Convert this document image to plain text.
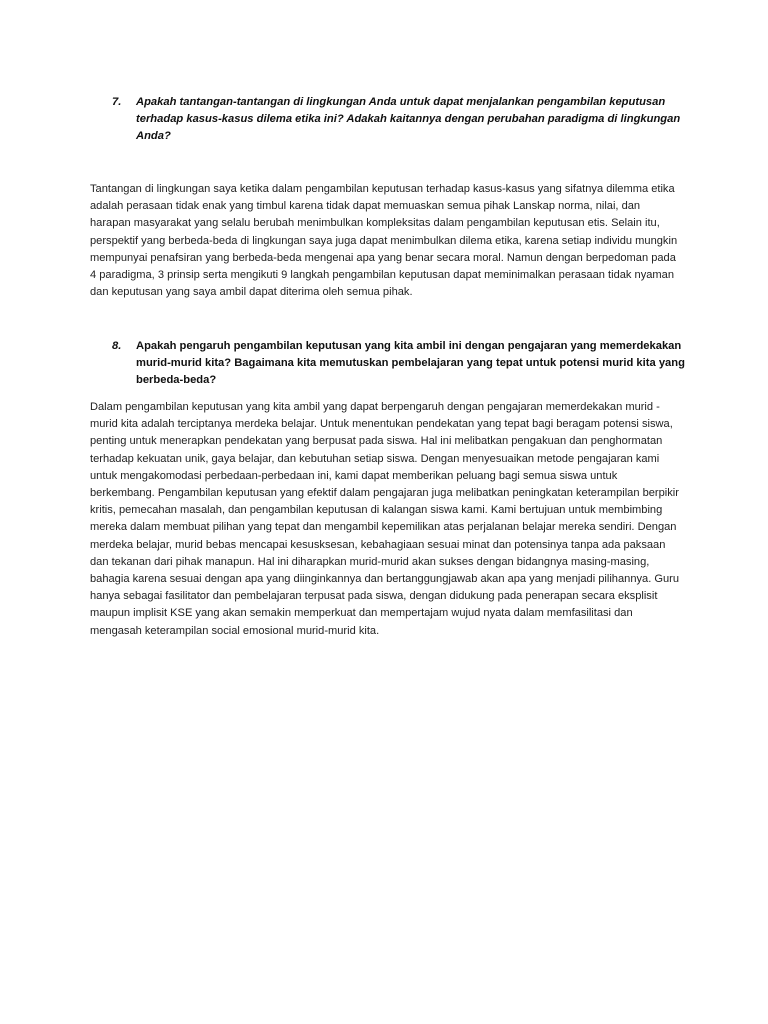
7.	Apakah tantangan-tantangan di lingkungan Anda untuk dapat menjalankan pengambilan keputusan terhadap kasus-kasus dilema etika ini? Adakah kaitannya dengan perubahan paradigma di lingkungan Anda?

Tantangan di lingkungan saya ketika dalam pengambilan keputusan terhadap kasus-kasus yang sifatnya dilemma etika adalah perasaan tidak enak yang timbul karena tidak dapat memuaskan semua pihak Lanskap norma, nilai, dan harapan masyarakat yang selalu berubah menimbulkan kompleksitas dalam pengambilan keputusan etis. Selain itu, perspektif yang berbeda-beda di lingkungan saya juga dapat menimbulkan dilema etika, karena setiap individu mungkin mempunyai penafsiran yang berbeda-beda mengenai apa yang benar secara moral. Namun dengan berpedoman pada 4 paradigma, 3 prinsip serta mengikuti 9 langkah pengambilan keputusan dapat meminimalkan perasaan tidak nyaman dan keputusan yang saya ambil dapat diterima oleh semua pihak.

8.	Apakah pengaruh pengambilan keputusan yang kita ambil ini dengan pengajaran yang memerdekakan murid-murid kita? Bagaimana kita memutuskan pembelajaran yang tepat untuk potensi murid kita yang berbeda-beda?

Dalam pengambilan keputusan yang kita ambil yang dapat berpengaruh dengan pengajaran memerdekakan murid -murid kita adalah terciptanya merdeka belajar. Untuk menentukan pendekatan yang tepat bagi beragam potensi siswa, penting untuk menerapkan pendekatan yang berpusat pada siswa. Hal ini melibatkan pengakuan dan penghormatan terhadap kekuatan unik, gaya belajar, dan kebutuhan setiap siswa. Dengan menyesuaikan metode pengajaran kami untuk mengakomodasi perbedaan-perbedaan ini, kami dapat memberikan peluang bagi semua siswa untuk berkembang. Pengambilan keputusan yang efektif dalam pengajaran juga melibatkan peningkatan keterampilan berpikir kritis, pemecahan masalah, dan pengambilan keputusan di kalangan siswa kami. Kami bertujuan untuk membimbing mereka dalam membuat pilihan yang tepat dan mengambil kepemilikan atas perjalanan belajar mereka sendiri. Dengan merdeka belajar, murid bebas mencapai kesusksesan, kebahagiaan sesuai minat dan potensinya tanpa ada paksaan dan tekanan dari pihak manapun. Hal ini diharapkan murid-murid akan sukses dengan bidangnya masing-masing, bahagia karena sesuai dengan apa yang diinginkannya dan bertanggungjawab akan apa yang menjadi pilihannya. Guru hanya sebagai fasilitator dan pembelajaran terpusat pada siswa, dengan didukung pada penerapan secara eksplisit maupun implisit KSE yang akan semakin memperkuat dan mempertajam wujud nyata dalam memfasilitasi dan mengasah keterampilan social emosional murid-murid kita.
